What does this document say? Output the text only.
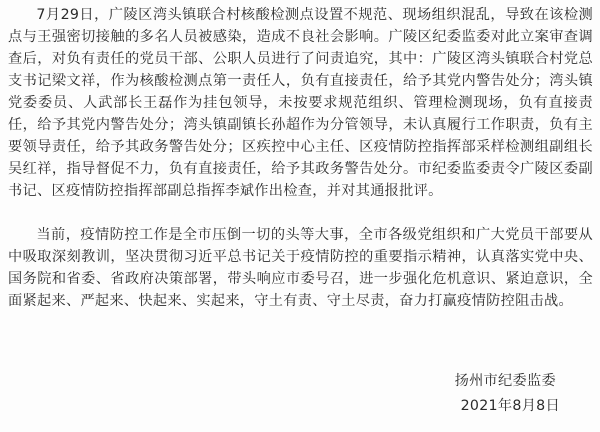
7月29日，广陵区湾头镇联合村核酸检测点设置不规范、现场组织混乱，导致在该检测点与王强密切接触的多名人员被感染，造成不良社会影响。广陵区纪委监委对此立案审查调查后，对负有责任的党员干部、公职人员进行了问责追究，其中：广陵区湾头镇联合村党总支书记梁文祥，作为核酸检测点第一责任人，负有直接责任，给予其党内警告处分；湾头镇党委委员、人武部长王磊作为挂包领导，未按要求规范组织、管理检测现场，负有直接责任，给予其党内警告处分；湾头镇副镇长孙超作为分管领导，未认真履行工作职责，负有主要领导责任，给予其政务警告处分；区疾控中心主任、区疫情防控指挥部采样检测组副组长吴红祥，指导督促不力，负有直接责任，给予其政务警告处分。市纪委监委责令广陵区委副书记、区疫情防控指挥部副总指挥李斌作出检查，并对其通报批评。

当前，疫情防控工作是全市压倒一切的头等大事，全市各级党组织和广大党员干部要从中吸取深刻教训，坚决贯彻习近平总书记关于疫情防控的重要指示精神，认真落实党中央、国务院和省委、省政府决策部署，带头响应市委号召，进一步强化危机意识、紧迫意识，全面紧起来、严起来、快起来、实起来，守土有责、守土尽责，奋力打赢疫情防控阻击战。

扬州市纪委监委
2021年8月8日
